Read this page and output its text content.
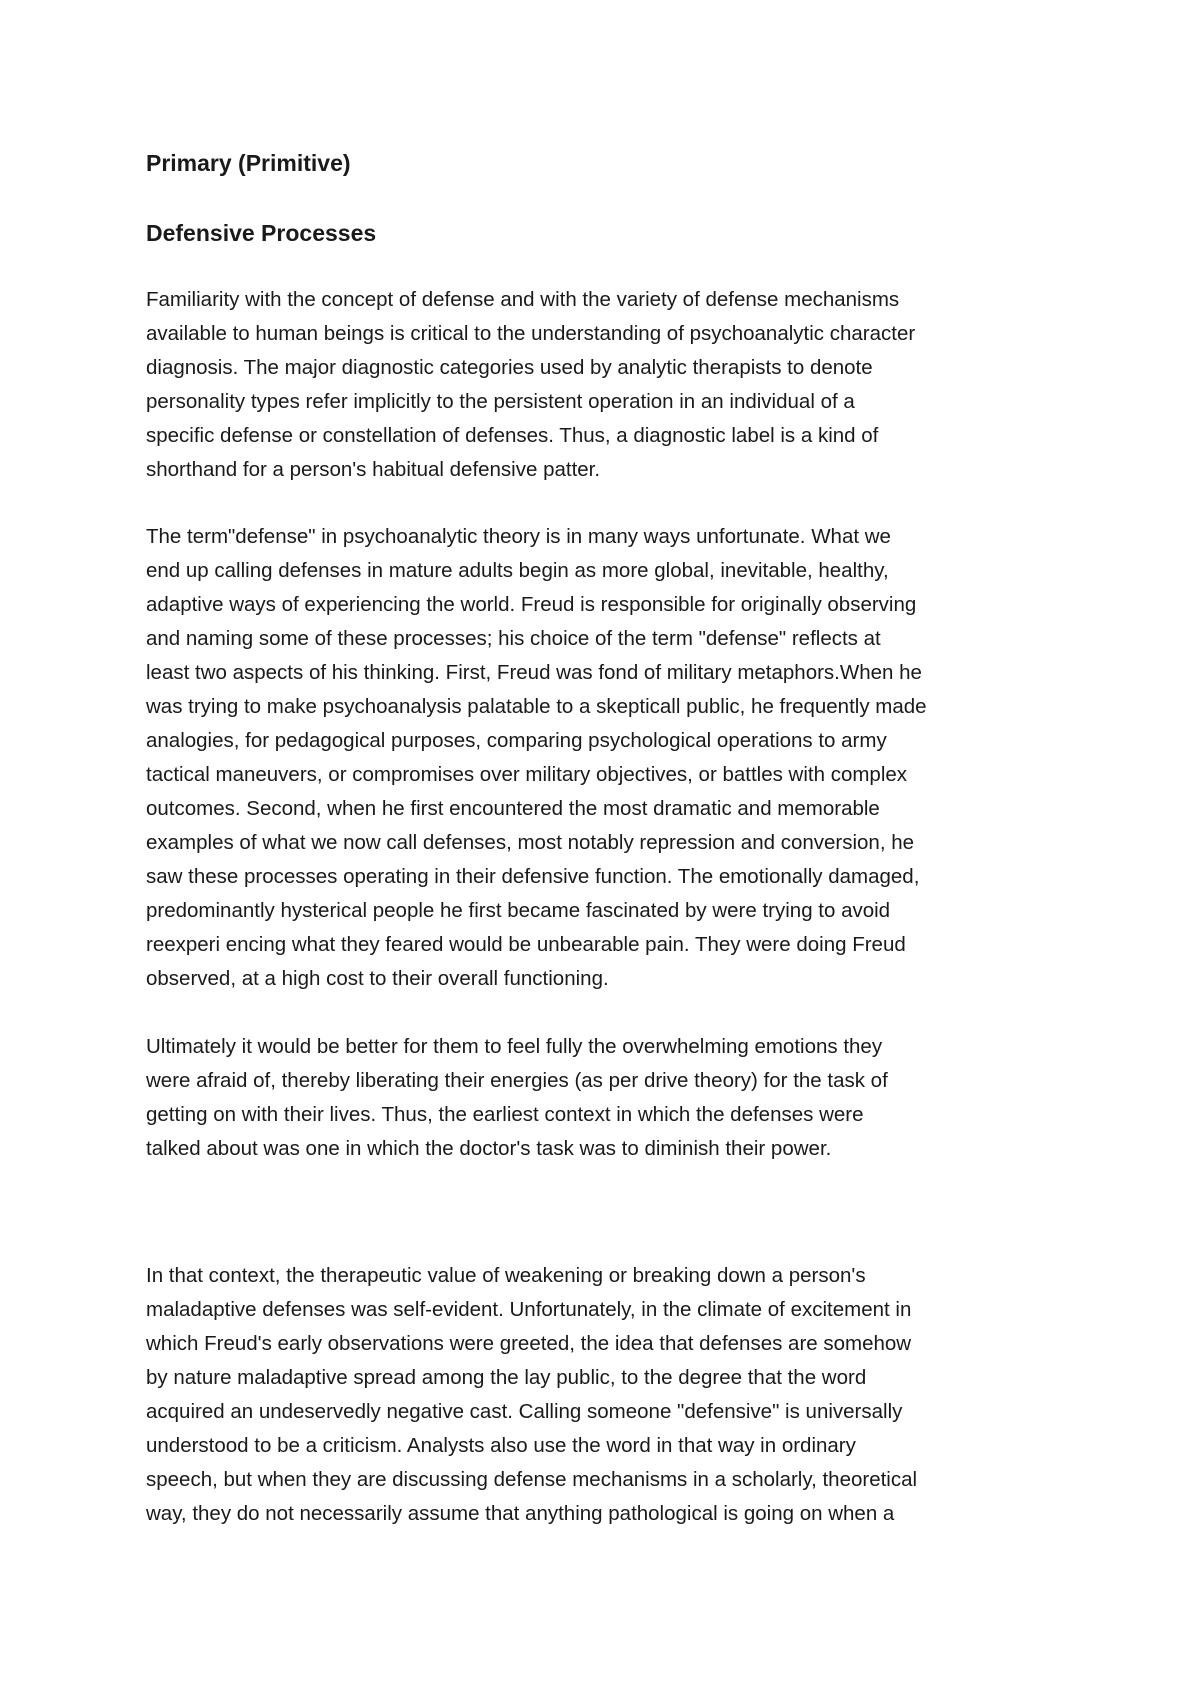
Primary (Primitive)
Defensive Processes
Familiarity with the concept of defense and with the variety of defense mechanisms
available to human beings is critical to the understanding of psychoanalytic character
diagnosis. The major diagnostic categories used by analytic therapists to denote
personality types refer implicitly to the persistent operation in an individual of a
specific defense or constellation of defenses. Thus, a diagnostic label is a kind of
shorthand for a person's habitual defensive patter.
The term"defense" in psychoanalytic theory is in many ways unfortunate. What we
end up calling defenses in mature adults begin as more global, inevitable, healthy,
adaptive ways of experiencing the world. Freud is responsible for originally observing
and naming some of these processes; his choice of the term "defense" reflects at
least two aspects of his thinking. First, Freud was fond of military metaphors.When he
was trying to make psychoanalysis palatable to a skepticall public, he frequently made
analogies, for pedagogical purposes, comparing psychological operations to army
tactical maneuvers, or compromises over military objectives, or battles with complex
outcomes. Second, when he first encountered the most dramatic and memorable
examples of what we now call defenses, most notably repression and conversion, he
saw these processes operating in their defensive function. The emotionally damaged,
predominantly hysterical people he first became fascinated by were trying to avoid
reexperi encing what they feared would be unbearable pain. They were doing Freud
observed, at a high cost to their overall functioning.
Ultimately it would be better for them to feel fully the overwhelming emotions they
were afraid of, thereby liberating their energies (as per drive theory) for the task of
getting on with their lives. Thus, the earliest context in which the defenses were
talked about was one in which the doctor's task was to diminish their power.
In that context, the therapeutic value of weakening or breaking down a person's
maladaptive defenses was self-evident. Unfortunately, in the climate of excitement in
which Freud's early observations were greeted, the idea that defenses are somehow
by nature maladaptive spread among the lay public, to the degree that the word
acquired an undeservedly negative cast. Calling someone "defensive" is universally
understood to be a criticism. Analysts also use the word in that way in ordinary
speech, but when they are discussing defense mechanisms in a scholarly, theoretical
way, they do not necessarily assume that anything pathological is going on when a
